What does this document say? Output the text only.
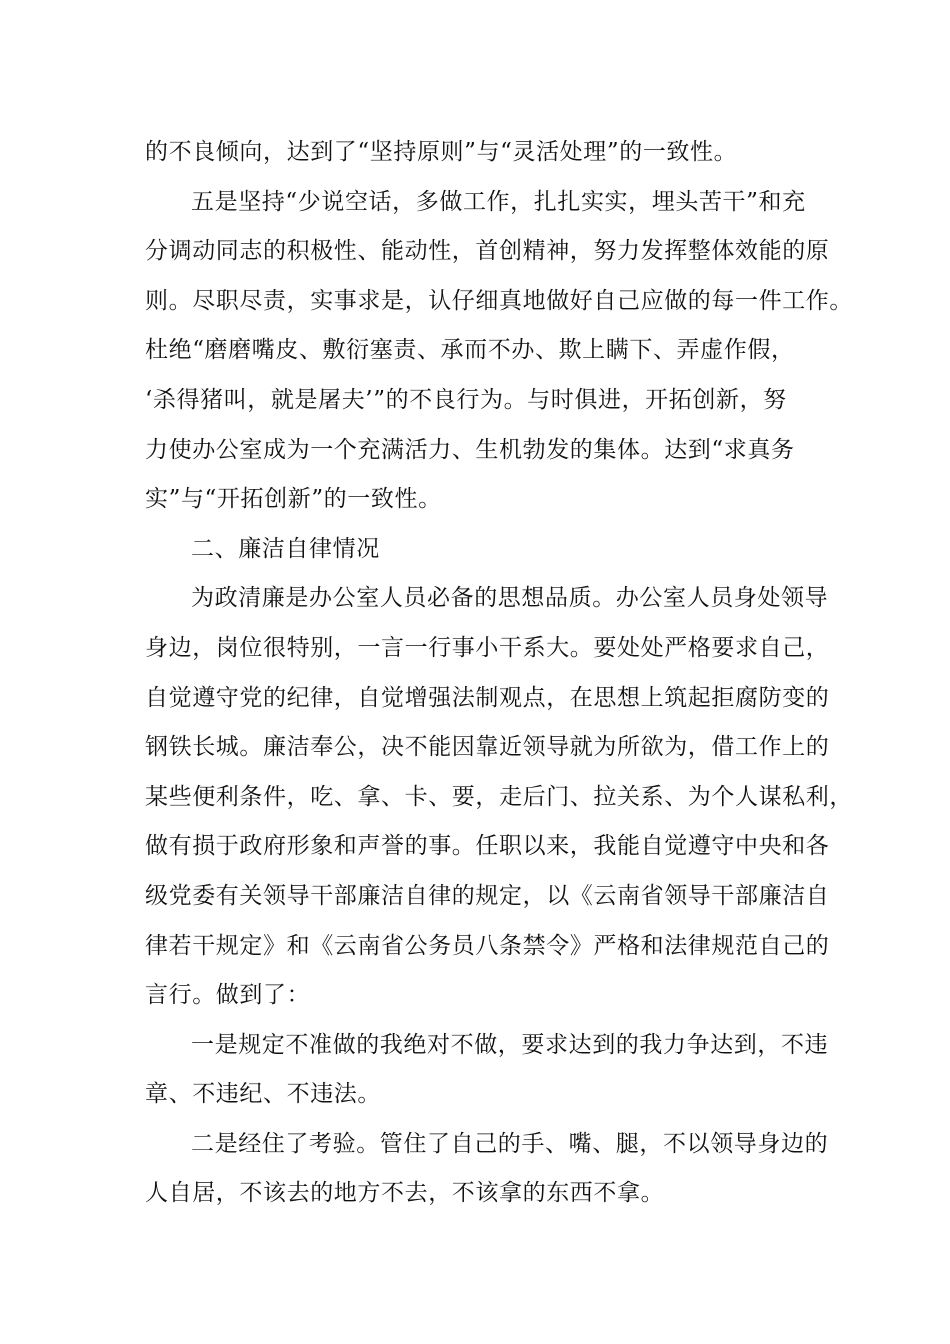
的不良倾向，达到了“坚持原则”与“灵活处理”的一致性。
五是坚持“少说空话，多做工作，扎扎实实，埋头苦干”和充
分调动同志的积极性、能动性，首创精神，努力发挥整体效能的原
则。尽职尽责，实事求是，认仔细真地做好自己应做的每一件工作。
杜绝“磨磨嘴皮、敷衍塞责、承而不办、欺上瞒下、弄虚作假，
‘杀得猪叫，就是屠夫’”的不良行为。与时俱进，开拓创新，努
力使办公室成为一个充满活力、生机勃发的集体。达到“求真务
实”与“开拓创新”的一致性。
二、廉洁自律情况
为政清廉是办公室人员必备的思想品质。办公室人员身处领导
身边，岗位很特别，一言一行事小干系大。要处处严格要求自己，
自觉遵守党的纪律，自觉增强法制观点，在思想上筑起拒腐防变的
钢铁长城。廉洁奉公，决不能因靠近领导就为所欲为，借工作上的
某些便利条件，吃、拿、卡、要，走后门、拉关系、为个人谋私利，
做有损于政府形象和声誉的事。任职以来，我能自觉遵守中央和各
级党委有关领导干部廉洁自律的规定，以《云南省领导干部廉洁自
律若干规定》和《云南省公务员八条禁令》严格和法律规范自己的
言行。做到了：
一是规定不准做的我绝对不做，要求达到的我力争达到，不违
章、不违纪、不违法。
二是经住了考验。管住了自己的手、嘴、腿，不以领导身边的
人自居，不该去的地方不去，不该拿的东西不拿。
